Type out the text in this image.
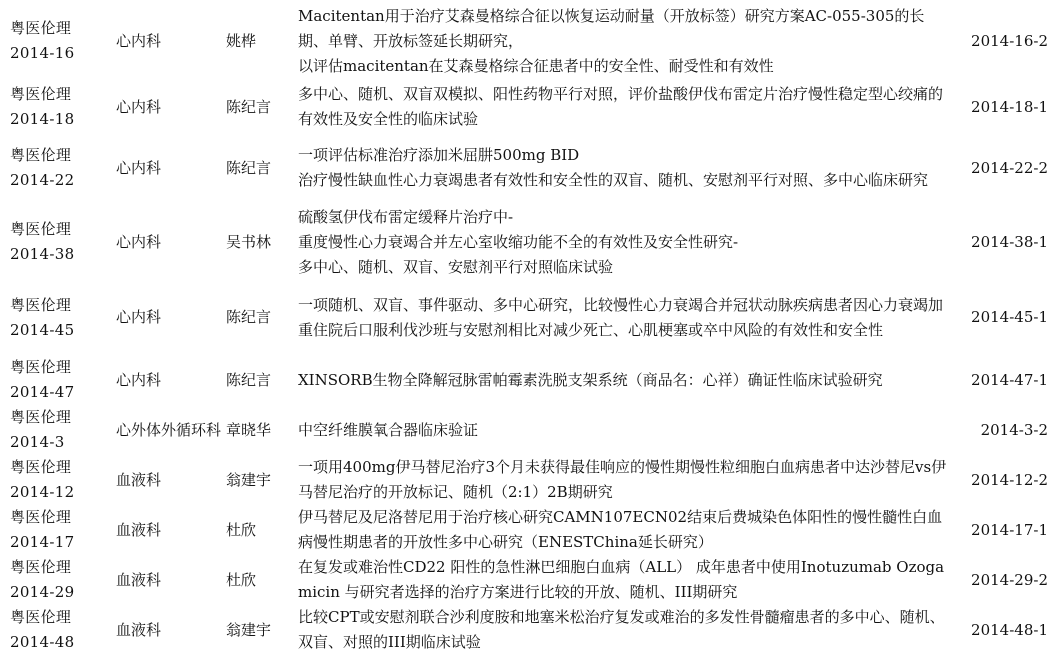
粤医伦理
2014-16	心内科	姚桦	Macitentan用于治疗艾森曼格综合征以恢复运动耐量（开放标签）研究方案AC-055-305的长期、单臂、开放标签延长期研究，
以评估macitentan在艾森曼格综合征患者中的安全性、耐受性和有效性	2014-16-2
粤医伦理
2014-18	心内科	陈纪言	多中心、随机、双盲双模拟、阳性药物平行对照，评价盐酸伊伐布雷定片治疗慢性稳定型心绞痛的有效性及安全性的临床试验	2014-18-1
粤医伦理
2014-22	心内科	陈纪言	一项评估标准治疗添加米屈肼500mg BID
治疗慢性缺血性心力衰竭患者有效性和安全性的双盲、随机、安慰剂平行对照、多中心临床研究	2014-22-2
粤医伦理
2014-38	心内科	吴书林	硫酸氢伊伐布雷定缓释片治疗中-
重度慢性心力衰竭合并左心室收缩功能不全的有效性及安全性研究-
多中心、随机、双盲、安慰剂平行对照临床试验	2014-38-1
粤医伦理
2014-45	心内科	陈纪言	一项随机、双盲、事件驱动、多中心研究，比较慢性心力衰竭合并冠状动脉疾病患者因心力衰竭加重住院后口服利伐沙班与安慰剂相比对减少死亡、心肌梗塞或卒中风险的有效性和安全性	2014-45-1
粤医伦理
2014-47	心内科	陈纪言	XINSORB生物全降解冠脉雷帕霉素洗脱支架系统（商品名：心祥）确证性临床试验研究	2014-47-1
粤医伦理
2014-3	心外体外循环科	章晓华	中空纤维膜氧合器临床验证	2014-3-2
粤医伦理
2014-12	血液科	翁建宇	一项用400mg伊马替尼治疗3个月未获得最佳响应的慢性期慢性粒细胞白血病患者中达沙替尼vs伊马替尼治疗的开放标记、随机（2:1）2B期研究	2014-12-2
粤医伦理
2014-17	血液科	杜欣	伊马替尼及尼洛替尼用于治疗核心研究CAMN107ECN02结束后费城染色体阳性的慢性髓性白血病慢性期患者的开放性多中心研究（ENESTChina延长研究）	2014-17-1
粤医伦理
2014-29	血液科	杜欣	在复发或难治性CD22 阳性的急性淋巴细胞白血病（ALL） 成年患者中使用Inotuzumab Ozogamicin 与研究者选择的治疗方案进行比较的开放、随机、III期研究	2014-29-2
粤医伦理
2014-48	血液科	翁建宇	比较CPT或安慰剂联合沙利度胺和地塞米松治疗复发或难治的多发性骨髓瘤患者的多中心、随机、双盲、对照的III期临床试验	2014-48-1
